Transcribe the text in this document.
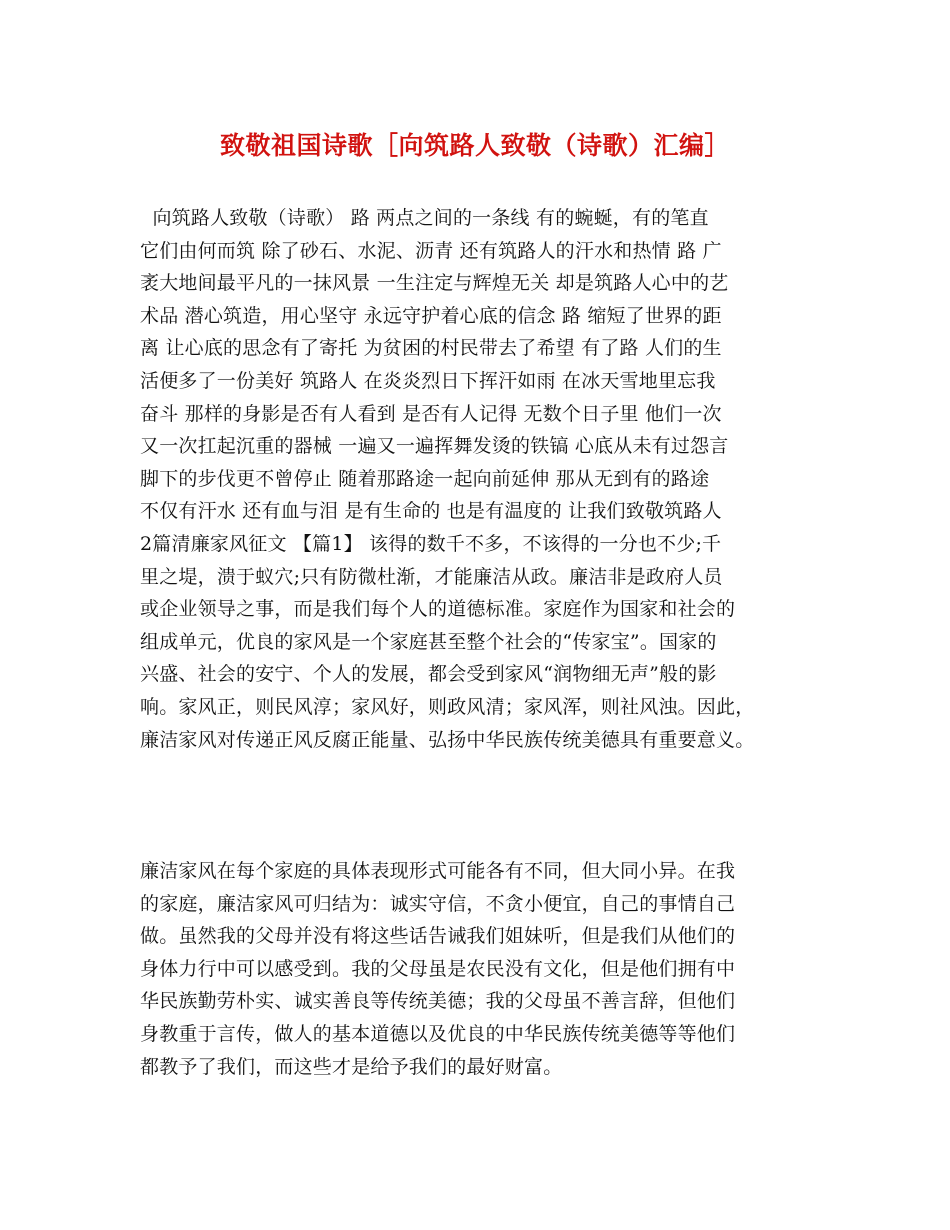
致敬祖国诗歌［向筑路人致敬（诗歌）汇编］
向筑路人致敬（诗歌） 路 两点之间的一条线 有的蜿蜒，有的笔直
它们由何而筑 除了砂石、水泥、沥青 还有筑路人的汗水和热情 路 广
袤大地间最平凡的一抹风景 一生注定与辉煌无关 却是筑路人心中的艺
术品 潜心筑造，用心坚守 永远守护着心底的信念 路 缩短了世界的距
离 让心底的思念有了寄托 为贫困的村民带去了希望 有了路 人们的生
活便多了一份美好 筑路人 在炎炎烈日下挥汗如雨 在冰天雪地里忘我
奋斗 那样的身影是否有人看到 是否有人记得 无数个日子里 他们一次
又一次扛起沉重的器械 一遍又一遍挥舞发烫的铁镐 心底从未有过怨言
脚下的步伐更不曾停止 随着那路途一起向前延伸 那从无到有的路途
不仅有汗水 还有血与泪 是有生命的 也是有温度的 让我们致敬筑路人
2篇清廉家风征文 【篇1】 该得的数千不多，不该得的一分也不少;千
里之堤，溃于蚁穴;只有防微杜渐，才能廉洁从政。廉洁非是政府人员
或企业领导之事，而是我们每个人的道德标准。家庭作为国家和社会的
组成单元，优良的家风是一个家庭甚至整个社会的“传家宝”。国家的
兴盛、社会的安宁、个人的发展，都会受到家风“润物细无声”般的影
响。家风正，则民风淳；家风好，则政风清；家风浑，则社风浊。因此，
廉洁家风对传递正风反腐正能量、弘扬中华民族传统美德具有重要意义。
廉洁家风在每个家庭的具体表现形式可能各有不同，但大同小异。在我
的家庭，廉洁家风可归结为：诚实守信，不贪小便宜，自己的事情自己
做。虽然我的父母并没有将这些话告诫我们姐妹听，但是我们从他们的
身体力行中可以感受到。我的父母虽是农民没有文化，但是他们拥有中
华民族勤劳朴实、诚实善良等传统美德；我的父母虽不善言辞，但他们
身教重于言传，做人的基本道德以及优良的中华民族传统美德等等他们
都教予了我们，而这些才是给予我们的最好财富。
